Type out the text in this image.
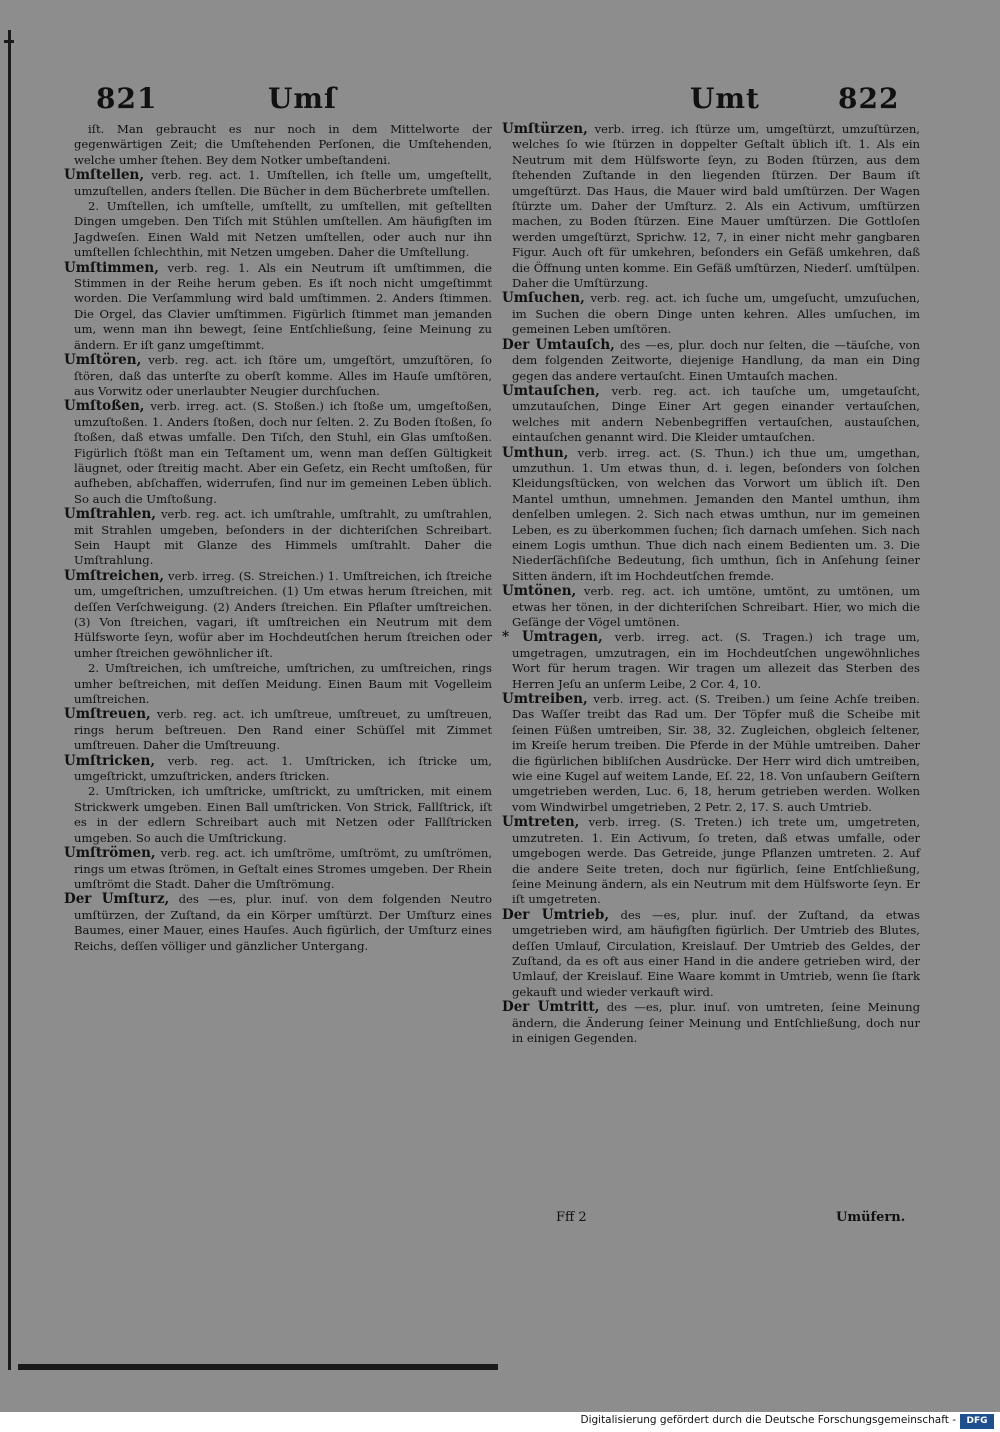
821	Umſ	Umt	822

iſt. Man gebraucht es nur noch in dem Mittelworte der gegenwärtigen Zeit; die Umſtehenden Perſonen, die Umſtehenden, welche umher ſtehen. Bey dem Notker umbeſtandeni.

Umſtellen, verb. reg. act. 1. Umſtellen, ich ſtelle um, umgeſtellt, umzuſtellen, anders ſtellen. Die Bücher in dem Bücherbrete umſtellen.

2. Umſtellen, ich umſtelle, umſtellt, zu umſtellen, mit geſtellten Dingen umgeben. Den Tiſch mit Stühlen umſtellen. Am häufigſten im Jagdweſen. Einen Wald mit Netzen umſtellen, oder auch nur ihn umſtellen ſchlechthin, mit Netzen umgeben. Daher die Umſtellung.

Umſtimmen, verb. reg. 1. Als ein Neutrum iſt umſtimmen, die Stimmen in der Reihe herum geben. Es iſt noch nicht umgeſtimmt worden. Die Verſammlung wird bald umſtimmen. 2. Anders ſtimmen. Die Orgel, das Clavier umſtimmen. Figürlich ſtimmet man jemanden um, wenn man ihn bewegt, ſeine Entſchließung, ſeine Meinung zu ändern. Er iſt ganz umgeſtimmt.

Umſtören, verb. reg. act. ich ſtöre um, umgeſtört, umzuſtören, ſo ſtören, daß das unterſte zu oberſt komme. Alles im Hauſe umſtören, aus Vorwitz oder unerlaubter Neugier durchſuchen.

Umſtoßen, verb. irreg. act. (S. Stoßen.) ich ſtoße um, umgeſtoßen, umzuſtoßen. 1. Anders ſtoßen, doch nur ſelten. 2. Zu Boden ſtoßen, ſo ſtoßen, daß etwas umfalle. Den Tiſch, den Stuhl, ein Glas umſtoßen. Figürlich ſtößt man ein Teſtament um, wenn man deſſen Gültigkeit läugnet, oder ſtreitig macht. Aber ein Geſetz, ein Recht umſtoßen, für aufheben, abſchaffen, widerrufen, ſind nur im gemeinen Leben üblich. So auch die Umſtoßung.

Umſtrahlen, verb. reg. act. ich umſtrahle, umſtrahlt, zu umſtrahlen, mit Strahlen umgeben, beſonders in der dichteriſchen Schreibart. Sein Haupt mit Glanze des Himmels umſtrahlt. Daher die Umſtrahlung.

Umſtreichen, verb. irreg. (S. Streichen.) 1. Umſtreichen, ich ſtreiche um, umgeſtrichen, umzuſtreichen. (1) Um etwas herum ſtreichen, mit deſſen Verſchweigung. (2) Anders ſtreichen. Ein Pflaſter umſtreichen. (3) Von ſtreichen, vagari, iſt umſtreichen ein Neutrum mit dem Hülfsworte ſeyn, wofür aber im Hochdeutſchen herum ſtreichen oder umher ſtreichen gewöhnlicher iſt.

2. Umſtreichen, ich umſtreiche, umſtrichen, zu umſtreichen, rings umher beſtreichen, mit deſſen Meidung. Einen Baum mit Vogelleim umſtreichen.

Umſtreuen, verb. reg. act. ich umſtreue, umſtreuet, zu umſtreuen, rings herum beſtreuen. Den Rand einer Schüſſel mit Zimmet umſtreuen. Daher die Umſtreuung.

Umſtricken, verb. reg. act. 1. Umſtricken, ich ſtricke um, umgeſtrickt, umzuſtricken, anders ſtricken.

2. Umſtricken, ich umſtricke, umſtrickt, zu umſtricken, mit einem Strickwerk umgeben. Einen Ball umſtricken. Von Strick, Fallſtrick, iſt es in der edlern Schreibart auch mit Netzen oder Fallſtricken umgeben. So auch die Umſtrickung.

Umſtrömen, verb. reg. act. ich umſtröme, umſtrömt, zu umſtrömen, rings um etwas ſtrömen, in Geſtalt eines Stromes umgeben. Der Rhein umſtrömt die Stadt. Daher die Umſtrömung.

Der Umſturz, des —es, plur. inuſ. von dem folgenden Neutro umſtürzen, der Zuſtand, da ein Körper umſtürzt. Der Umſturz eines Baumes, einer Mauer, eines Hauſes. Auch figürlich, der Umſturz eines Reichs, deſſen völliger und gänzlicher Untergang.

Umſtürzen, verb. irreg. ich ſtürze um, umgeſtürzt, umzuſtürzen, welches ſo wie ſtürzen in doppelter Geſtalt üblich iſt. 1. Als ein Neutrum mit dem Hülfsworte ſeyn, zu Boden ſtürzen, aus dem ſtehenden Zuſtande in den liegenden ſtürzen. Der Baum iſt umgeſtürzt. Das Haus, die Mauer wird bald umſtürzen. Der Wagen ſtürzte um. Daher der Umſturz. 2. Als ein Activum, umſtürzen machen, zu Boden ſtürzen. Eine Mauer umſtürzen. Die Gottloſen werden umgeſtürzt, Sprichw. 12, 7, in einer nicht mehr gangbaren Figur. Auch oft für umkehren, beſonders ein Gefäß umkehren, daß die Öffnung unten komme. Ein Gefäß umſtürzen, Niederſ. umſtülpen. Daher die Umſtürzung.

Umſuchen, verb. reg. act. ich ſuche um, umgeſucht, umzuſuchen, im Suchen die obern Dinge unten kehren. Alles umſuchen, im gemeinen Leben umſtören.

Der Umtauſch, des —es, plur. doch nur ſelten, die —täuſche, von dem folgenden Zeitworte, diejenige Handlung, da man ein Ding gegen das andere vertauſcht. Einen Umtauſch machen.

Umtauſchen, verb. reg. act. ich tauſche um, umgetauſcht, umzutauſchen, Dinge Einer Art gegen einander vertauſchen, welches mit andern Nebenbegriffen vertauſchen, austauſchen, eintauſchen genannt wird. Die Kleider umtauſchen.

Umthun, verb. irreg. act. (S. Thun.) ich thue um, umgethan, umzuthun. 1. Um etwas thun, d. i. legen, beſonders von ſolchen Kleidungsſtücken, von welchen das Vorwort um üblich iſt. Den Mantel umthun, umnehmen. Jemanden den Mantel umthun, ihm denſelben umlegen. 2. Sich nach etwas umthun, nur im gemeinen Leben, es zu überkommen ſuchen; ſich darnach umſehen. Sich nach einem Logis umthun. Thue dich nach einem Bedienten um. 3. Die Niederſächſiſche Bedeutung, ſich umthun, ſich in Anſehung ſeiner Sitten ändern, iſt im Hochdeutſchen fremde.

Umtönen, verb. reg. act. ich umtöne, umtönt, zu umtönen, um etwas her tönen, in der dichteriſchen Schreibart. Hier, wo mich die Geſänge der Vögel umtönen.

* Umtragen, verb. irreg. act. (S. Tragen.) ich trage um, umgetragen, umzutragen, ein im Hochdeutſchen ungewöhnliches Wort für herum tragen. Wir tragen um allezeit das Sterben des Herren Jeſu an unſerm Leibe, 2 Cor. 4, 10.

Umtreiben, verb. irreg. act. (S. Treiben.) um ſeine Achſe treiben. Das Waſſer treibt das Rad um. Der Töpfer muß die Scheibe mit ſeinen Füßen umtreiben, Sir. 38, 32. Zugleichen, obgleich ſeltener, im Kreiſe herum treiben. Die Pferde in der Mühle umtreiben. Daher die figürlichen bibliſchen Ausdrücke. Der Herr wird dich umtreiben, wie eine Kugel auf weitem Lande, Eſ. 22, 18. Von unſaubern Geiſtern umgetrieben werden, Luc. 6, 18, herum getrieben werden. Wolken vom Windwirbel umgetrieben, 2 Petr. 2, 17. S. auch Umtrieb.

Umtreten, verb. irreg. (S. Treten.) ich trete um, umgetreten, umzutreten. 1. Ein Activum, ſo treten, daß etwas umfalle, oder umgebogen werde. Das Getreide, junge Pflanzen umtreten. 2. Auf die andere Seite treten, doch nur figürlich, ſeine Entſchließung, ſeine Meinung ändern, als ein Neutrum mit dem Hülfsworte ſeyn. Er iſt umgetreten.

Der Umtrieb, des —es, plur. inuſ. der Zuſtand, da etwas umgetrieben wird, am häufigſten figürlich. Der Umtrieb des Blutes, deſſen Umlauf, Circulation, Kreislauf. Der Umtrieb des Geldes, der Zuſtand, da es oft aus einer Hand in die andere getrieben wird, der Umlauf, der Kreislauf. Eine Waare kommt in Umtrieb, wenn ſie ſtark gekauft und wieder verkauft wird.

Der Umtritt, des —es, plur. inuſ. von umtreten, ſeine Meinung ändern, die Änderung ſeiner Meinung und Entſchließung, doch nur in einigen Gegenden.

Fff 2	Umüfern.
Digitalisierung gefördert durch die Deutsche Forschungsgemeinschaft -	DFG
